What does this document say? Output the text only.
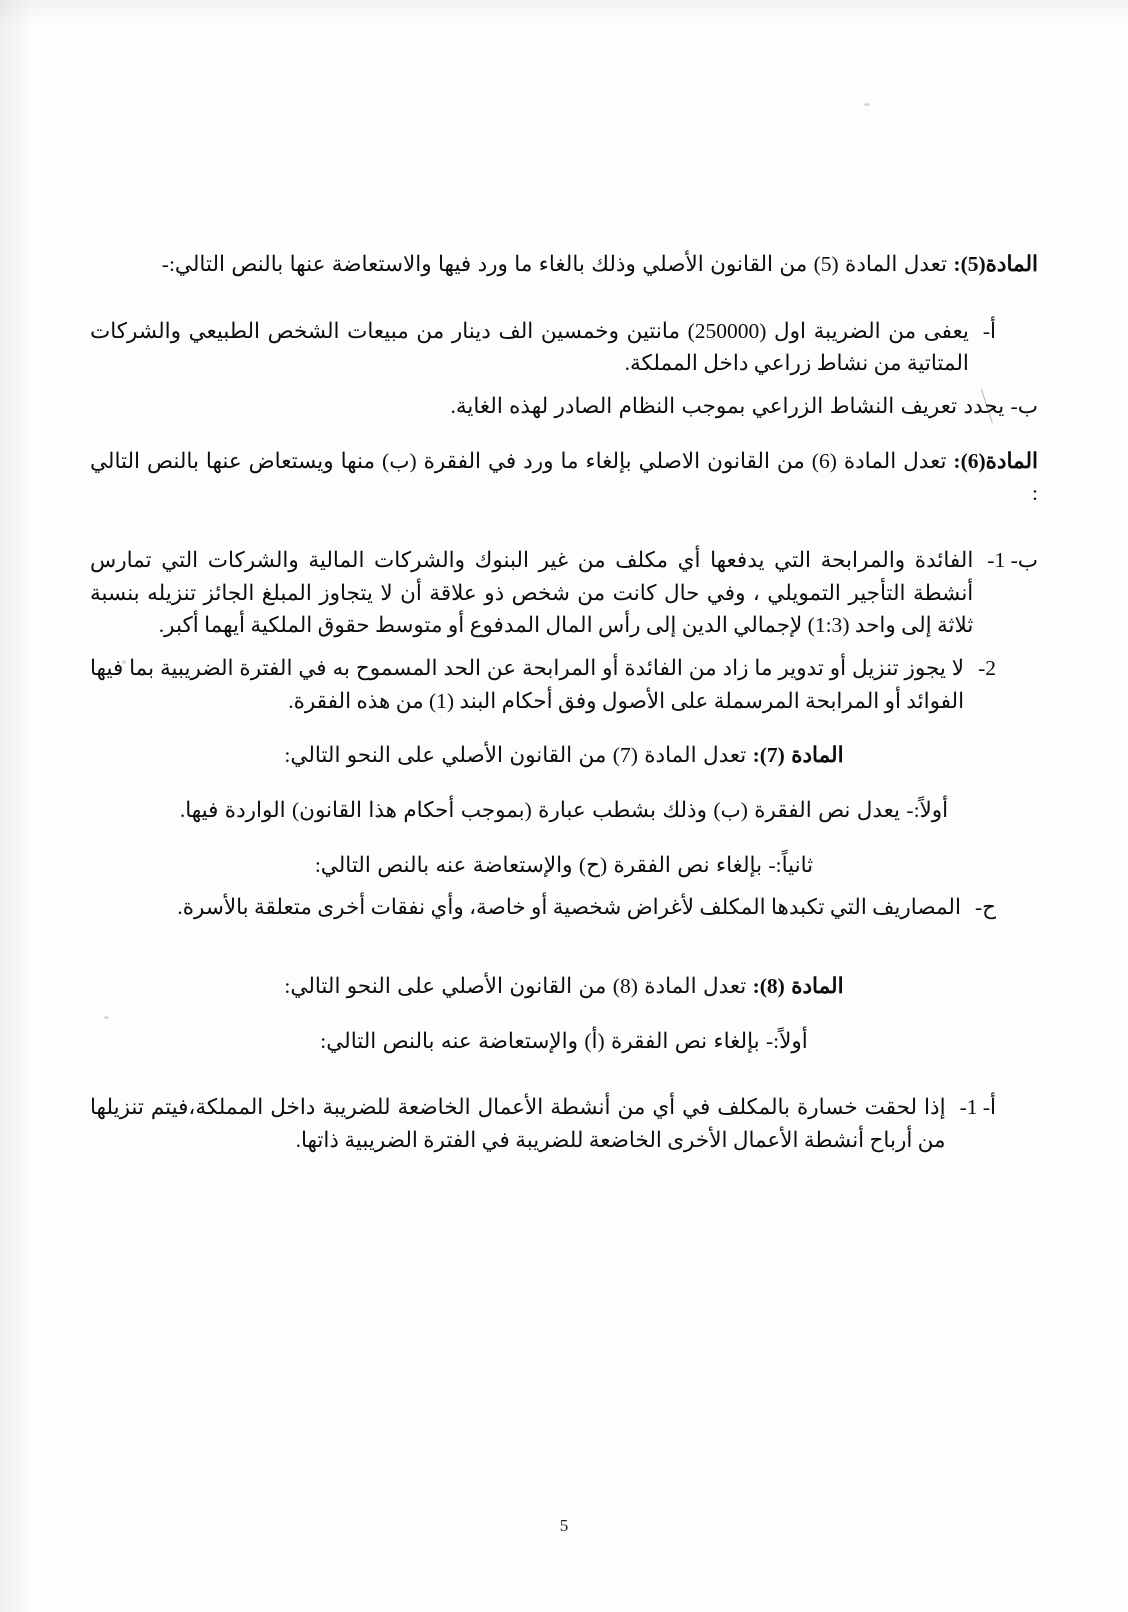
المادة(5): تعدل المادة (5) من القانون الأصلي وذلك بالغاء ما ورد فيها والاستعاضة عنها بالنص التالي:-

أ-
يعفى من الضريبة اول (250000) مانتين وخمسين الف دينار من مبيعات الشخص الطبيعي والشركات المتاتية من نشاط زراعي داخل المملكة.

ب- يحدد تعريف النشاط الزراعي بموجب النظام الصادر لهذه الغاية.

المادة(6): تعدل المادة (6) من القانون الاصلي بإلغاء ما ورد في الفقرة (ب) منها ويستعاض عنها بالنص التالي :

ب- 1-
الفائدة والمرابحة التي يدفعها أي مكلف من غير البنوك والشركات المالية والشركات التي تمارس أنشطة التأجير التمويلي ، وفي حال كانت من شخص ذو علاقة أن لا يتجاوز المبلغ الجائز تنزيله بنسبة ثلاثة إلى واحد (1:3) لإجمالي الدين إلى رأس المال المدفوع أو متوسط حقوق الملكية أيهما أكبر.
2-
لا يجوز تنزيل أو تدوير ما زاد من الفائدة أو المرابحة عن الحد المسموح به في الفترة الضريبية بما فيها الفوائد أو المرابحة المرسملة على الأصول وفق أحكام البند (1) من هذه الفقرة.

المادة (7): تعدل المادة (7) من القانون الأصلي على النحو التالي:

أولاً:- يعدل نص الفقرة (ب) وذلك بشطب عبارة (بموجب أحكام هذا القانون) الواردة فيها.

ثانياً:- بإلغاء نص الفقرة (ح) والإستعاضة عنه بالنص التالي:

ح-
المصاريف التي تكبدها المكلف لأغراض شخصية أو خاصة، وأي نفقات أخرى متعلقة بالأسرة.

المادة (8): تعدل المادة (8) من القانون الأصلي على النحو التالي:

أولاً:- بإلغاء نص الفقرة (أ) والإستعاضة عنه بالنص التالي:

أ- 1-
إذا لحقت خسارة بالمكلف في أي من أنشطة الأعمال الخاضعة للضريبة داخل المملكة،فيتم تنزيلها من أرباح أنشطة الأعمال الأخرى الخاضعة للضريبة في الفترة الضريبية ذاتها.
5
